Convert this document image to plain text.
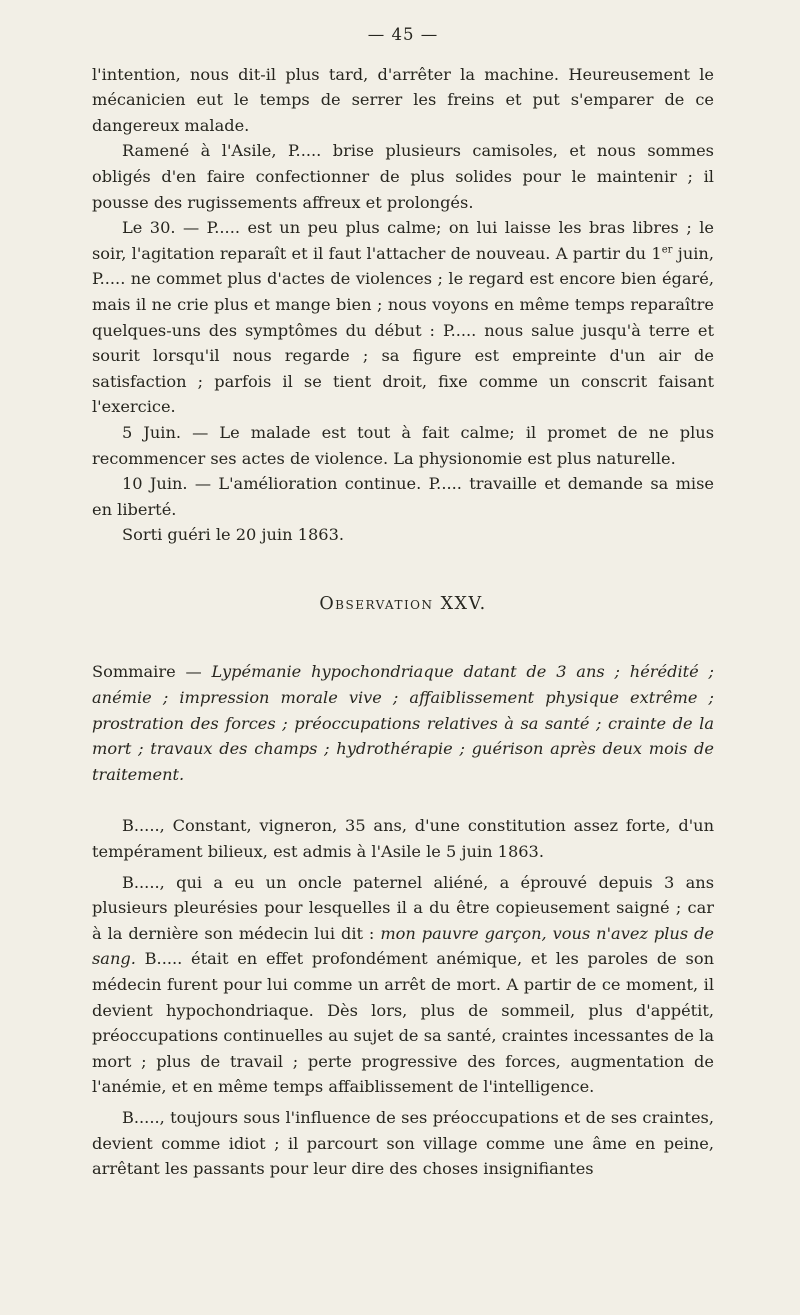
— 45 —

l'intention, nous dit-il plus tard, d'arrêter la machine. Heureusement le mécanicien eut le temps de serrer les freins et put s'emparer de ce dangereux malade.

Ramené à l'Asile, P..... brise plusieurs camisoles, et nous sommes obligés d'en faire confectionner de plus solides pour le maintenir ; il pousse des rugissements affreux et prolongés.

Le 30. — P..... est un peu plus calme; on lui laisse les bras libres ; le soir, l'agitation reparaît et il faut l'attacher de nouveau. A partir du 1er juin, P..... ne commet plus d'actes de violences ; le regard est encore bien égaré, mais il ne crie plus et mange bien ; nous voyons en même temps reparaître quelques-uns des symptômes du début : P..... nous salue jusqu'à terre et sourit lorsqu'il nous regarde ; sa figure est empreinte d'un air de satisfaction ; parfois il se tient droit, fixe comme un conscrit faisant l'exercice.

5 Juin. — Le malade est tout à fait calme; il promet de ne plus recommencer ses actes de violence. La physionomie est plus naturelle.

10 Juin. — L'amélioration continue. P..... travaille et demande sa mise en liberté.

Sorti guéri le 20 juin 1863.

Observation XXV.

Sommaire — Lypémanie hypochondriaque datant de 3 ans ; hérédité ; anémie ; impression morale vive ; affaiblissement physique extrême ; prostration des forces ; préoccupations relatives à sa santé ; crainte de la mort ; travaux des champs ; hydrothérapie ; guérison après deux mois de traitement.

B....., Constant, vigneron, 35 ans, d'une constitution assez forte, d'un tempérament bilieux, est admis à l'Asile le 5 juin 1863.

B....., qui a eu un oncle paternel aliéné, a éprouvé depuis 3 ans plusieurs pleurésies pour lesquelles il a du être copieusement saigné ; car à la dernière son médecin lui dit : mon pauvre garçon, vous n'avez plus de sang. B..... était en effet profondément anémique, et les paroles de son médecin furent pour lui comme un arrêt de mort. A partir de ce moment, il devient hypochondriaque. Dès lors, plus de sommeil, plus d'appétit, préoccupations continuelles au sujet de sa santé, craintes incessantes de la mort ; plus de travail ; perte progressive des forces, augmentation de l'anémie, et en même temps affaiblissement de l'intelligence.

B....., toujours sous l'influence de ses préoccupations et de ses craintes, devient comme idiot ; il parcourt son village comme une âme en peine, arrêtant les passants pour leur dire des choses insignifiantes
